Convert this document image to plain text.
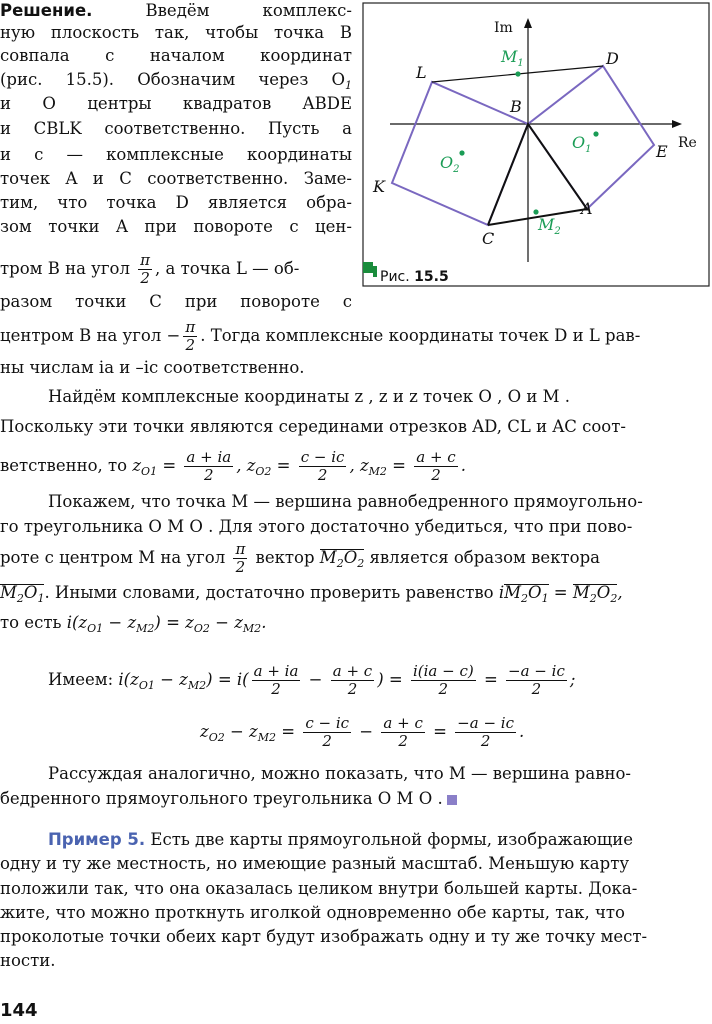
Решение. Введём комплекс-
ную плоскость так, чтобы точка B
совпала с началом координат
(рис. 15.5). Обозначим через $O_1$
и O центры квадратов ABDE
и CBLK соответственно. Пусть a
и c — комплексные координаты
точек A и C соответственно. Заме-
тим, что точка D является обра-
зом точки A при повороте с цен-
тром B на угол $\frac{\pi}{2}$ , а точка L — об-
разом точки C при повороте с
Im
Re
L
D
B
E
K
A
C
$M_1$
$O_1$
$O_2$
$M_2$
Рис. 15.5
центром B на угол − $\frac{\pi}{2}$ . Тогда комплексные координаты точек D и L рав-
ны числам ia и –ic соответственно.
Найдём комплексные координаты z , z и z точек O , O и M .
Поскольку эти точки являются серединами отрезков AD, CL и AC соот-
ветственно, то $z_{O1} = \frac{a + ia}{2}$ , $z_{O2} = \frac{c - ic}{2}$ , $z_{M2} = \frac{a + c}{2}$ .
Покажем, что точка M — вершина равнобедренного прямоугольно-
го треугольника O M O . Для этого достаточно убедиться, что при пово-
роте с центром M на угол $\frac{\pi}{2}$ вектор $M_2O_2$ является образом вектора
$M_2O_1$. Иными словами, достаточно проверить равенство $iM_2O_1 = M_2O_2$,
то есть $i(z_{O1} - z_{M2}) = z_{O2} - z_{M2}$.
Имеем: $i(z_{O1} - z_{M2}) = i( \frac{a + ia}{2} - \frac{a + c}{2}$ ) = $\frac{i(ia - c)}{2} = \frac{-a - ic}{2}$ ;
$z_{O2} - z_{M2} = \frac{c - ic}{2} - \frac{a + c}{2} = \frac{-a - ic}{2}$ .
Рассуждая аналогично, можно показать, что M — вершина равно-
бедренного прямоугольного треугольника O M O .
Пример 5. Есть две карты прямоугольной формы, изображающие
одну и ту же местность, но имеющие разный масштаб. Меньшую карту
положили так, что она оказалась целиком внутри большей карты. Дока-
жите, что можно проткнуть иголкой одновременно обе карты, так, что
проколотые точки обеих карт будут изображать одну и ту же точку мест-
ности.
144
